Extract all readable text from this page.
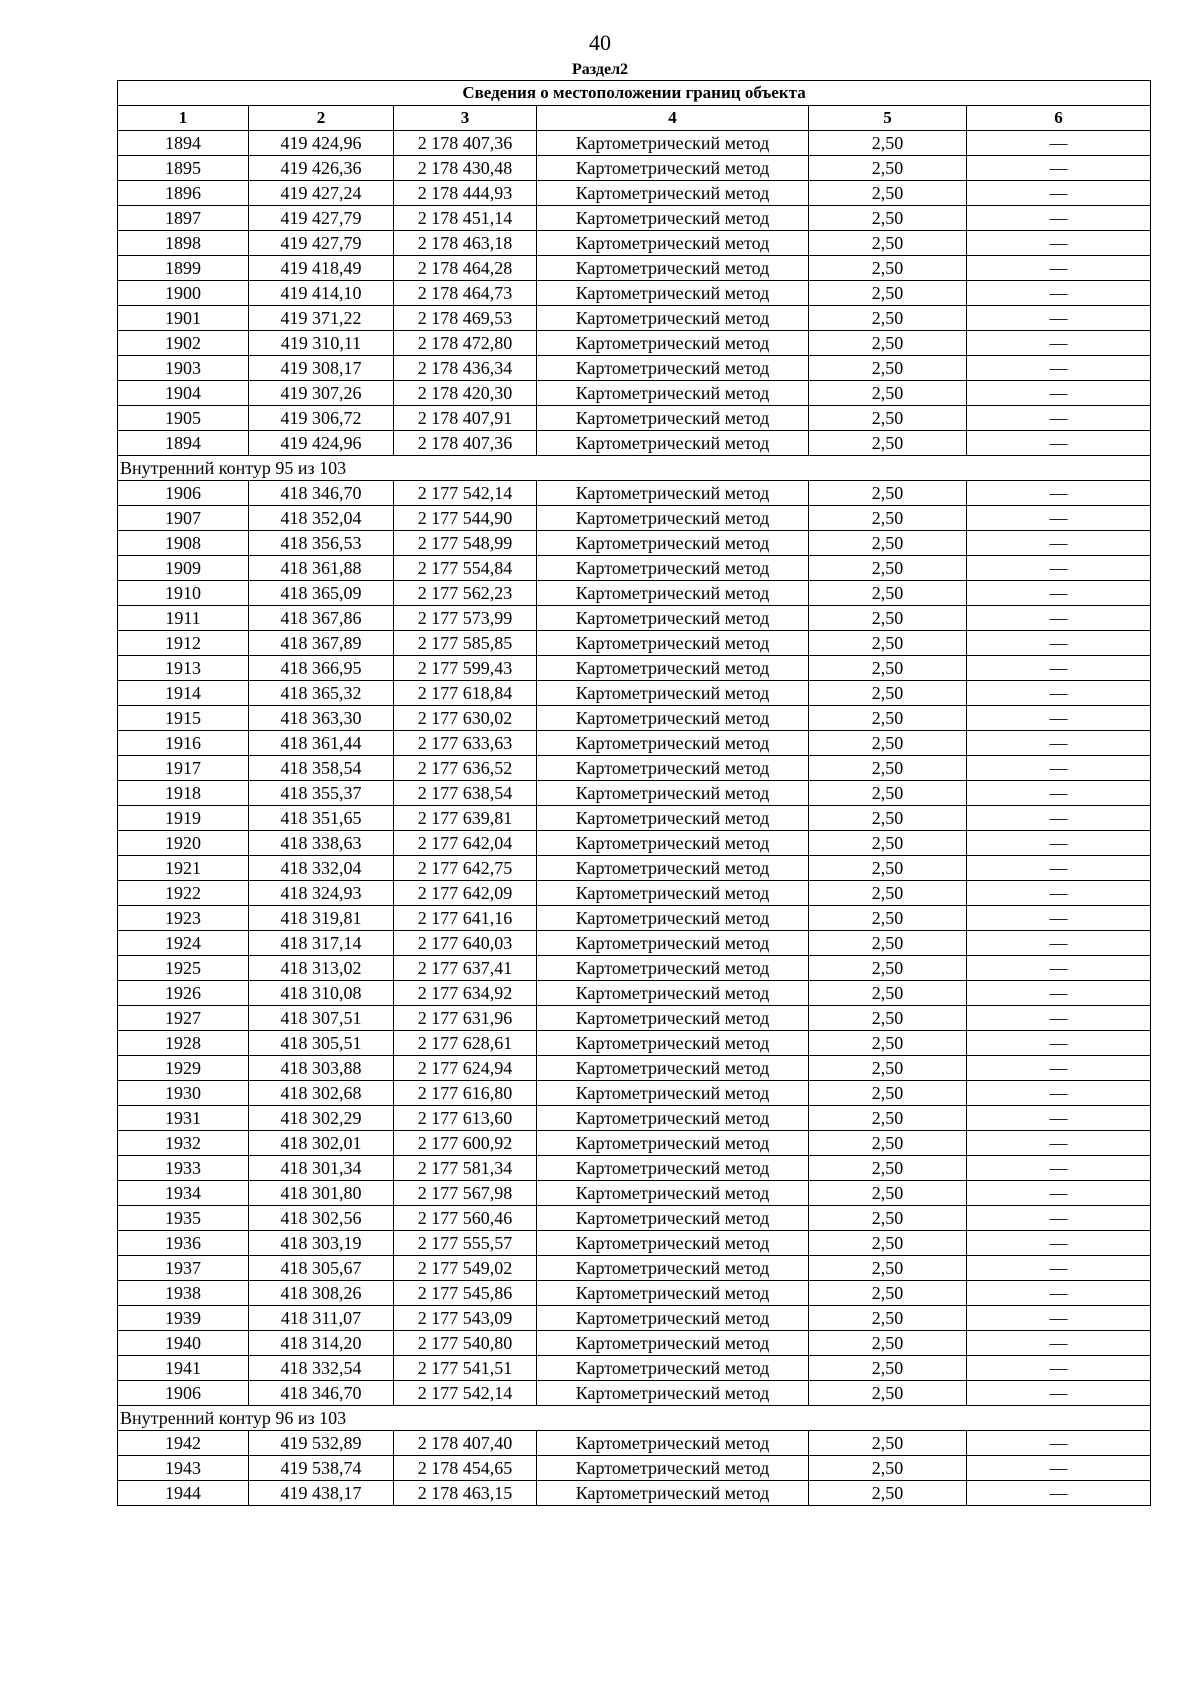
40
Раздел2
Сведения о местоположении границ объекта					
1	2	3	4	5	6
1894	419 424,96	2 178 407,36	Картометрический метод	2,50	—
1895	419 426,36	2 178 430,48	Картометрический метод	2,50	—
1896	419 427,24	2 178 444,93	Картометрический метод	2,50	—
1897	419 427,79	2 178 451,14	Картометрический метод	2,50	—
1898	419 427,79	2 178 463,18	Картометрический метод	2,50	—
1899	419 418,49	2 178 464,28	Картометрический метод	2,50	—
1900	419 414,10	2 178 464,73	Картометрический метод	2,50	—
1901	419 371,22	2 178 469,53	Картометрический метод	2,50	—
1902	419 310,11	2 178 472,80	Картометрический метод	2,50	—
1903	419 308,17	2 178 436,34	Картометрический метод	2,50	—
1904	419 307,26	2 178 420,30	Картометрический метод	2,50	—
1905	419 306,72	2 178 407,91	Картометрический метод	2,50	—
1894	419 424,96	2 178 407,36	Картометрический метод	2,50	—
Внутренний контур 95 из 103					
1906	418 346,70	2 177 542,14	Картометрический метод	2,50	—
1907	418 352,04	2 177 544,90	Картометрический метод	2,50	—
1908	418 356,53	2 177 548,99	Картометрический метод	2,50	—
1909	418 361,88	2 177 554,84	Картометрический метод	2,50	—
1910	418 365,09	2 177 562,23	Картометрический метод	2,50	—
1911	418 367,86	2 177 573,99	Картометрический метод	2,50	—
1912	418 367,89	2 177 585,85	Картометрический метод	2,50	—
1913	418 366,95	2 177 599,43	Картометрический метод	2,50	—
1914	418 365,32	2 177 618,84	Картометрический метод	2,50	—
1915	418 363,30	2 177 630,02	Картометрический метод	2,50	—
1916	418 361,44	2 177 633,63	Картометрический метод	2,50	—
1917	418 358,54	2 177 636,52	Картометрический метод	2,50	—
1918	418 355,37	2 177 638,54	Картометрический метод	2,50	—
1919	418 351,65	2 177 639,81	Картометрический метод	2,50	—
1920	418 338,63	2 177 642,04	Картометрический метод	2,50	—
1921	418 332,04	2 177 642,75	Картометрический метод	2,50	—
1922	418 324,93	2 177 642,09	Картометрический метод	2,50	—
1923	418 319,81	2 177 641,16	Картометрический метод	2,50	—
1924	418 317,14	2 177 640,03	Картометрический метод	2,50	—
1925	418 313,02	2 177 637,41	Картометрический метод	2,50	—
1926	418 310,08	2 177 634,92	Картометрический метод	2,50	—
1927	418 307,51	2 177 631,96	Картометрический метод	2,50	—
1928	418 305,51	2 177 628,61	Картометрический метод	2,50	—
1929	418 303,88	2 177 624,94	Картометрический метод	2,50	—
1930	418 302,68	2 177 616,80	Картометрический метод	2,50	—
1931	418 302,29	2 177 613,60	Картометрический метод	2,50	—
1932	418 302,01	2 177 600,92	Картометрический метод	2,50	—
1933	418 301,34	2 177 581,34	Картометрический метод	2,50	—
1934	418 301,80	2 177 567,98	Картометрический метод	2,50	—
1935	418 302,56	2 177 560,46	Картометрический метод	2,50	—
1936	418 303,19	2 177 555,57	Картометрический метод	2,50	—
1937	418 305,67	2 177 549,02	Картометрический метод	2,50	—
1938	418 308,26	2 177 545,86	Картометрический метод	2,50	—
1939	418 311,07	2 177 543,09	Картометрический метод	2,50	—
1940	418 314,20	2 177 540,80	Картометрический метод	2,50	—
1941	418 332,54	2 177 541,51	Картометрический метод	2,50	—
1906	418 346,70	2 177 542,14	Картометрический метод	2,50	—
Внутренний контур 96 из 103					
1942	419 532,89	2 178 407,40	Картометрический метод	2,50	—
1943	419 538,74	2 178 454,65	Картометрический метод	2,50	—
1944	419 438,17	2 178 463,15	Картометрический метод	2,50	—
